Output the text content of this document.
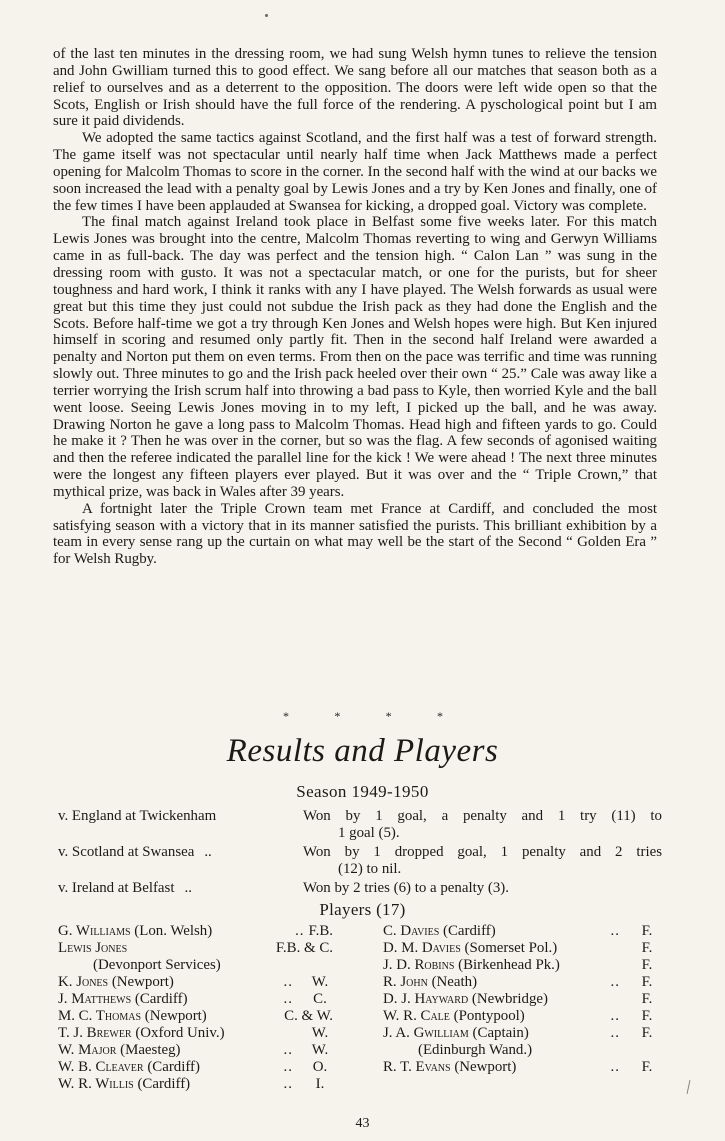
of the last ten minutes in the dressing room, we had sung Welsh hymn tunes to relieve the tension and John Gwilliam turned this to good effect. We sang before all our matches that season both as a relief to ourselves and as a deterrent to the opposition. The doors were left wide open so that the Scots, English or Irish should have the full force of the rendering. A pyschological point but I am sure it paid dividends.

We adopted the same tactics against Scotland, and the first half was a test of forward strength. The game itself was not spectacular until nearly half time when Jack Matthews made a perfect opening for Malcolm Thomas to score in the corner. In the second half with the wind at our backs we soon increased the lead with a penalty goal by Lewis Jones and a try by Ken Jones and finally, one of the few times I have been applauded at Swansea for kicking, a dropped goal. Victory was complete.

The final match against Ireland took place in Belfast some five weeks later. For this match Lewis Jones was brought into the centre, Malcolm Thomas reverting to wing and Gerwyn Williams came in as full-back. The day was perfect and the tension high. “ Calon Lan ” was sung in the dressing room with gusto. It was not a spectacular match, or one for the purists, but for sheer toughness and hard work, I think it ranks with any I have played. The Welsh forwards as usual were great but this time they just could not subdue the Irish pack as they had done the English and the Scots. Before half-time we got a try through Ken Jones and Welsh hopes were high. But Ken injured himself in scoring and resumed only partly fit. Then in the second half Ireland were awarded a penalty and Norton put them on even terms. From then on the pace was terrific and time was running slowly out. Three minutes to go and the Irish pack heeled over their own “ 25.” Cale was away like a terrier worrying the Irish scrum half into throwing a bad pass to Kyle, then worried Kyle and the ball went loose. Seeing Lewis Jones moving in to my left, I picked up the ball, and he was away. Drawing Norton he gave a long pass to Malcolm Thomas. Head high and fifteen yards to go. Could he make it ? Then he was over in the corner, but so was the flag. A few seconds of agonised waiting and then the referee indicated the parallel line for the kick ! We were ahead ! The next three minutes were the longest any fifteen players ever played. But it was over and the “ Triple Crown,” that mythical prize, was back in Wales after 39 years.

A fortnight later the Triple Crown team met France at Cardiff, and concluded the most satisfying season with a victory that in its manner satisfied the purists. This brilliant exhibition by a team in every sense rang up the curtain on what may well be the start of the Second “ Golden Era ” for Welsh Rugby.

*	*	*	*
Results and Players
Season 1949-1950
v. England at Twickenham	Won by 1 goal, a penalty and 1 try (11) to
1 goal (5).
v. Scotland at Swansea ..	Won by 1 dropped goal, 1 penalty and 2 tries
(12) to nil.
v. Ireland at Belfast ..	Won by 2 tries (6) to a penalty (3).
Players (17)
G. Williams (Lon. Welsh)	.. F.B.
Lewis Jones	F.B. & C.
(Devonport Services)
K. Jones (Newport)	..	W.
J. Matthews (Cardiff)	..	C.
M. C. Thomas (Newport)	C. & W.
T. J. Brewer (Oxford Univ.)	W.
W. Major (Maesteg)	..	W.
W. B. Cleaver (Cardiff)	..	O.
W. R. Willis (Cardiff)	..	I.
C. Davies (Cardiff)	..	F.
D. M. Davies (Somerset Pol.)	F.
J. D. Robins (Birkenhead Pk.)	F.
R. John (Neath)	..	F.
D. J. Hayward (Newbridge)	F.
W. R. Cale (Pontypool)	..	F.
J. A. Gwilliam (Captain)	..	F.
(Edinburgh Wand.)
R. T. Evans (Newport)	..	F.
43
